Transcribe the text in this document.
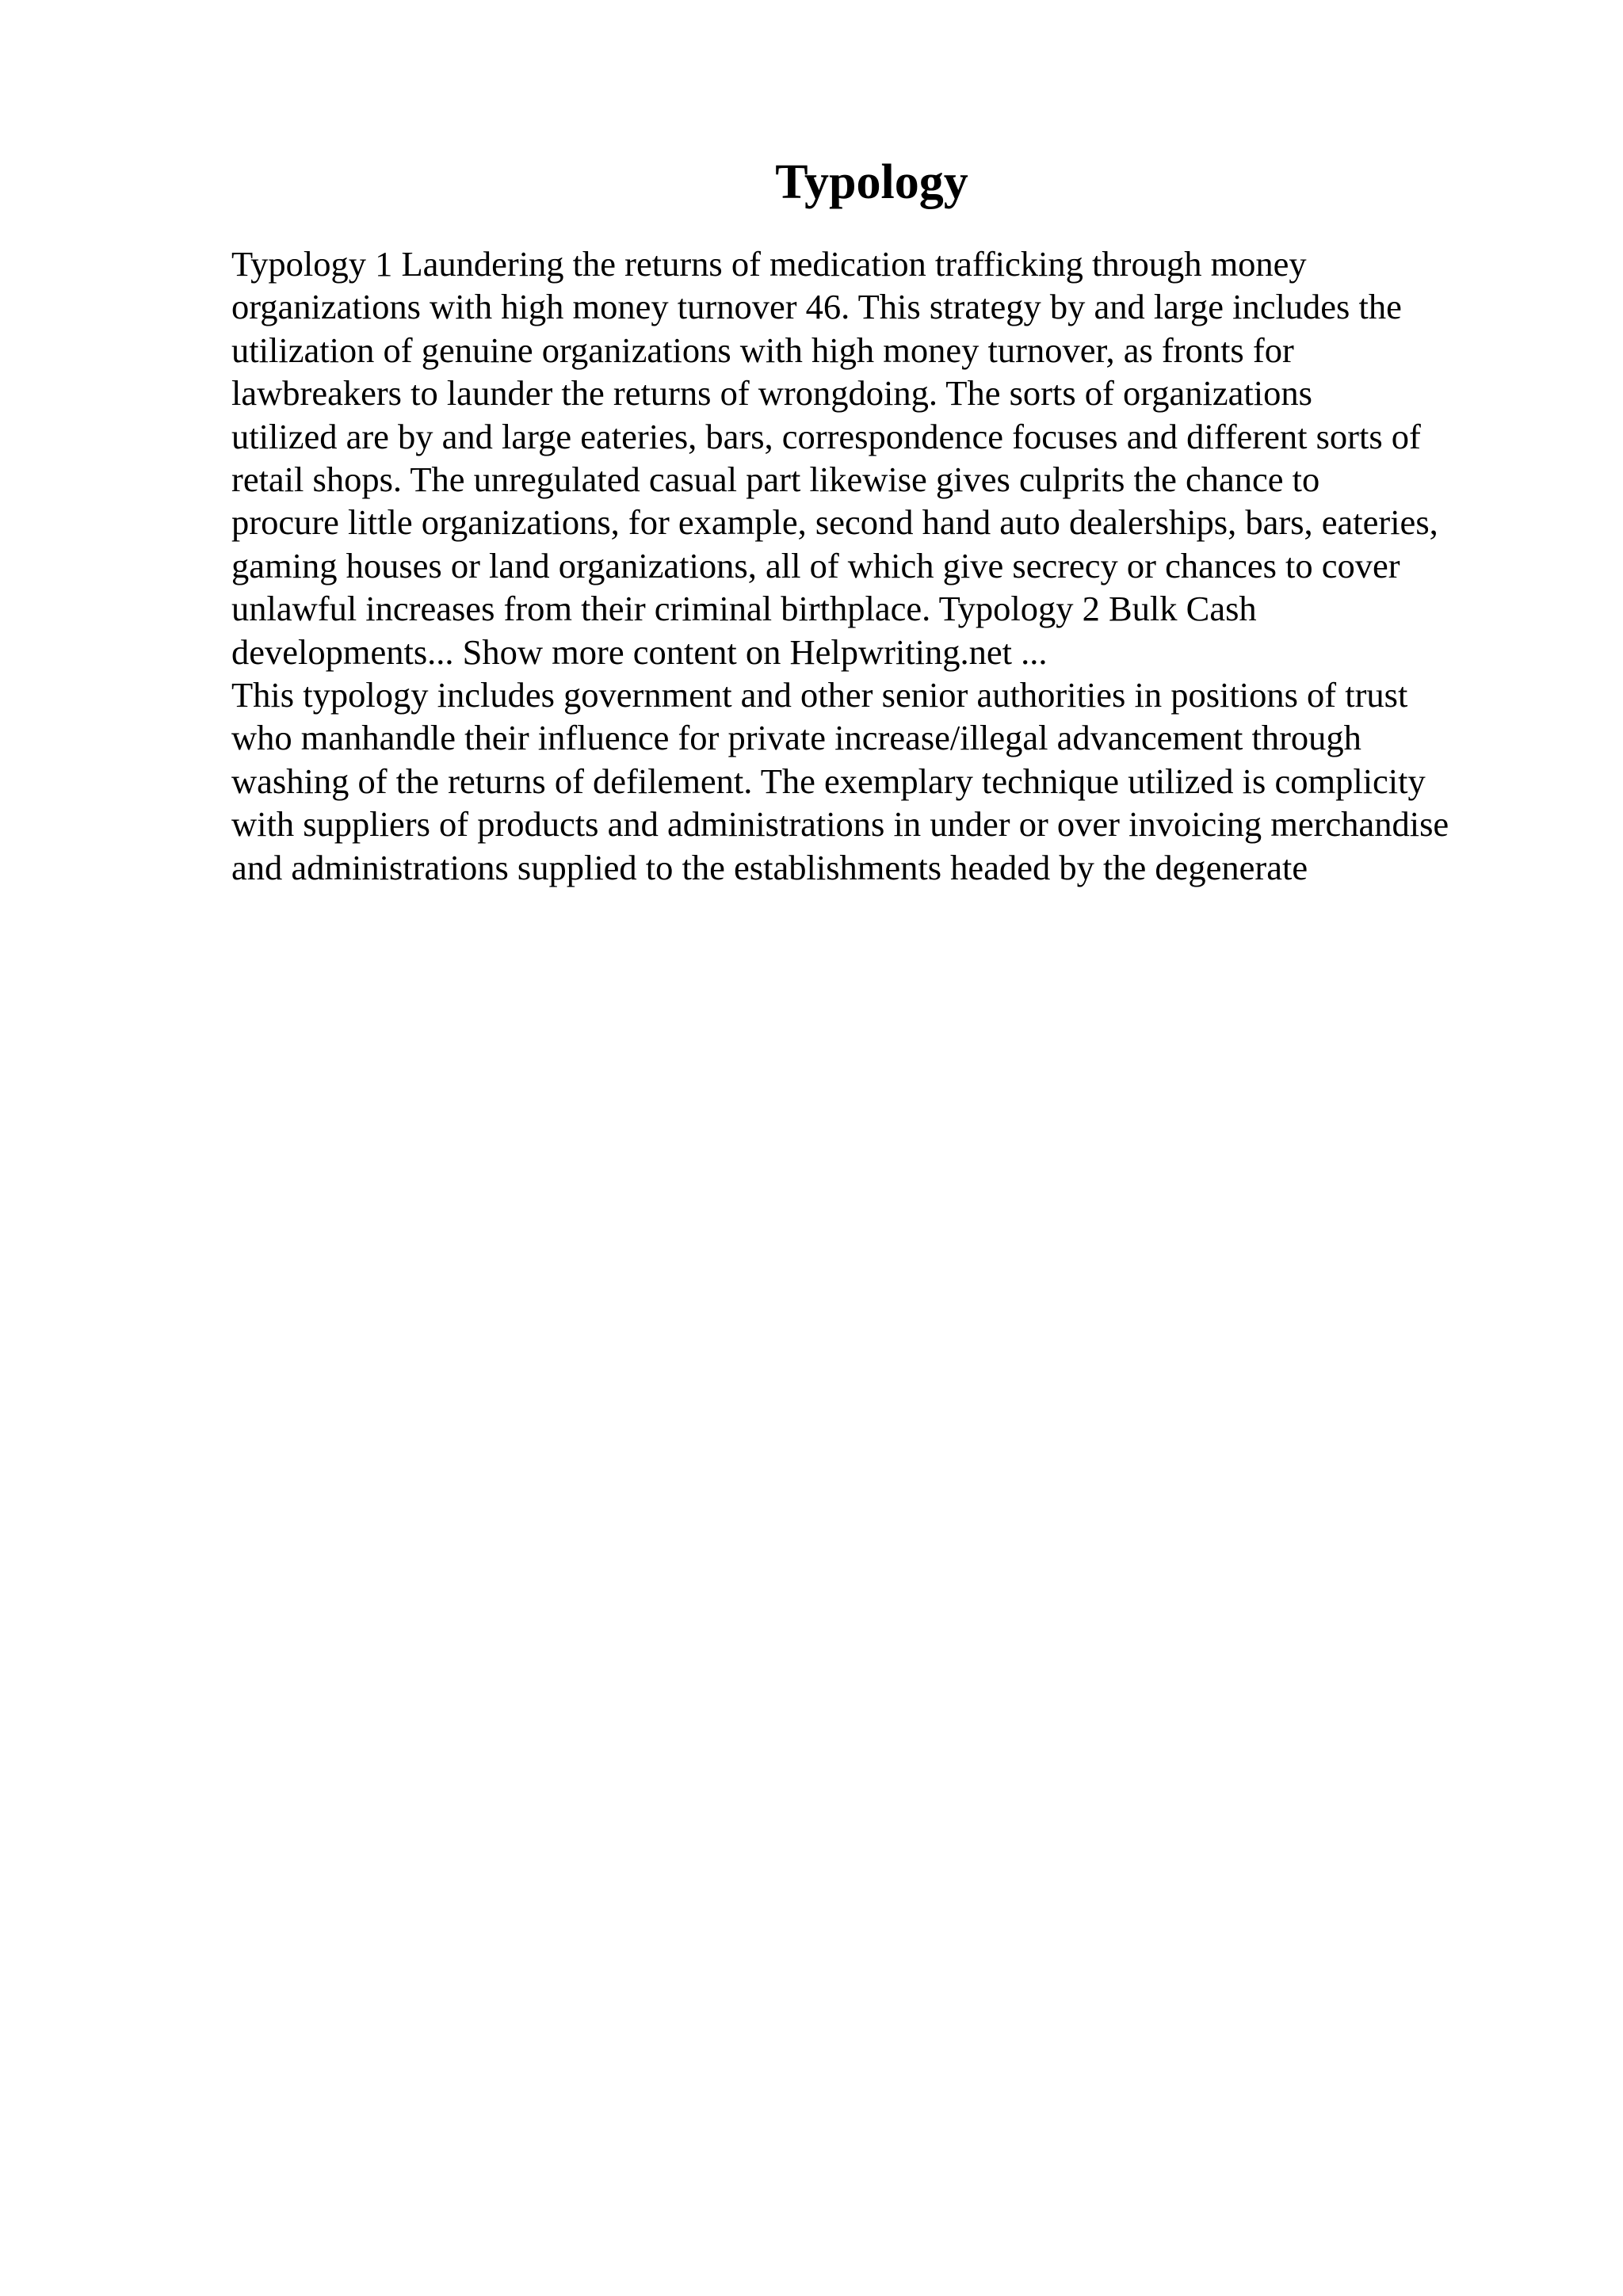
Typology
Typology 1 Laundering the returns of medication trafficking through money
organizations with high money turnover 46. This strategy by and large includes the
utilization of genuine organizations with high money turnover, as fronts for
lawbreakers to launder the returns of wrongdoing. The sorts of organizations
utilized are by and large eateries, bars, correspondence focuses and different sorts of
retail shops. The unregulated casual part likewise gives culprits the chance to
procure little organizations, for example, second hand auto dealerships, bars, eateries,
gaming houses or land organizations, all of which give secrecy or chances to cover
unlawful increases from their criminal birthplace. Typology 2 Bulk Cash
developments... Show more content on Helpwriting.net ...
This typology includes government and other senior authorities in positions of trust
who manhandle their influence for private increase/illegal advancement through
washing of the returns of defilement. The exemplary technique utilized is complicity
with suppliers of products and administrations in under or over invoicing merchandise
and administrations supplied to the establishments headed by the degenerate
